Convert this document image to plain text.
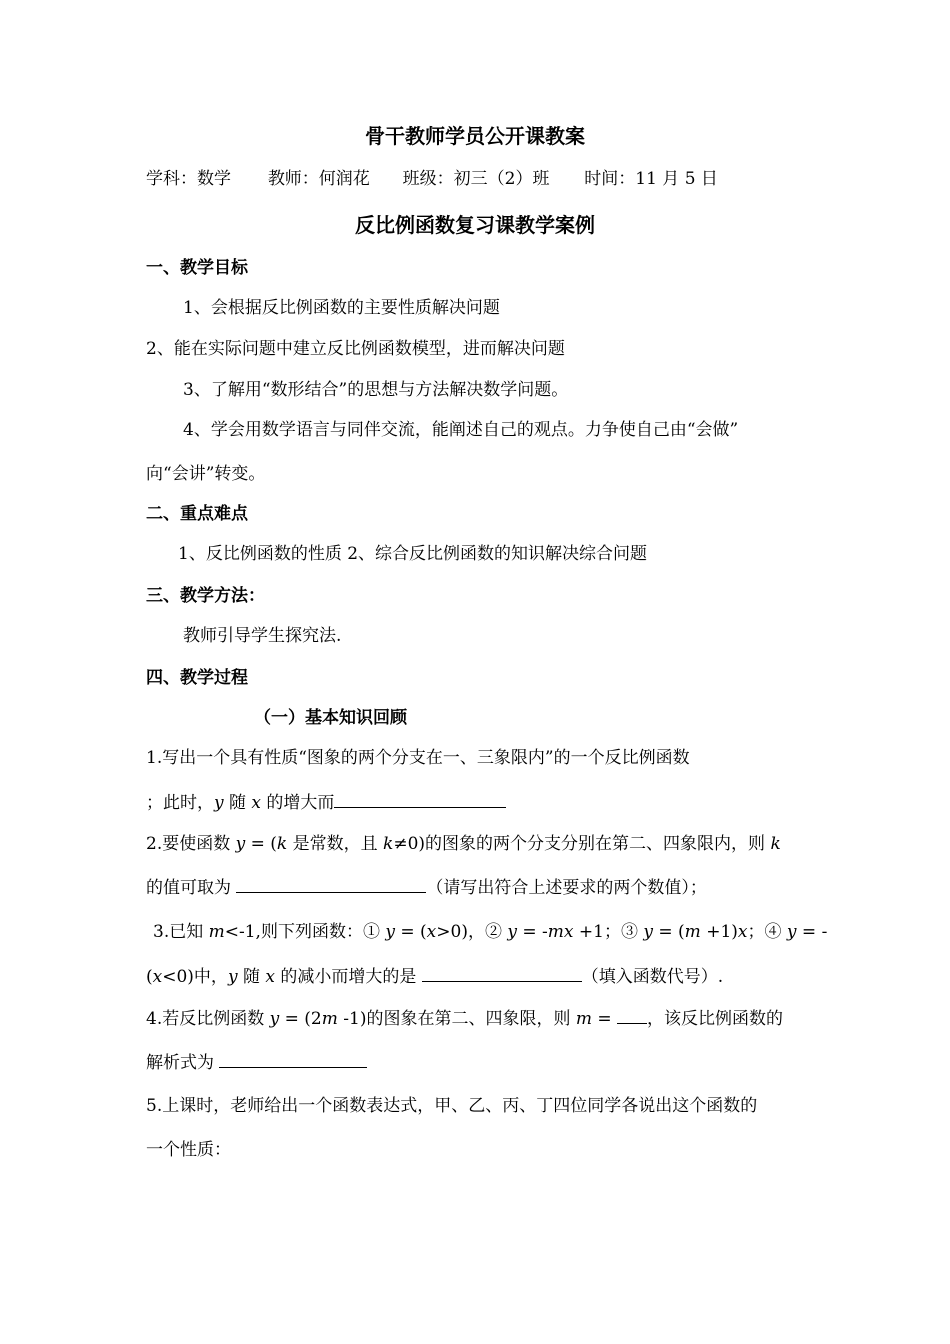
骨干教师学员公开课教案
学科：数学 教师：何润花 班级：初三（2）班 时间：11 月 5 日
反比例函数复习课教学案例
一、教学目标
1、会根据反比例函数的主要性质解决问题
2、能在实际问题中建立反比例函数模型，进而解决问题
3、了解用“数形结合”的思想与方法解决数学问题。
4、学会用数学语言与同伴交流，能阐述自己的观点。力争使自己由“会做”
向“会讲”转变。
二、重点难点
1、反比例函数的性质 2、综合反比例函数的知识解决综合问题
三、教学方法：
教师引导学生探究法.
四、教学过程
（一）基本知识回顾
1.写出一个具有性质“图象的两个分支在一、三象限内”的一个反比例函数
；此时，y 随 x 的增大而
2.要使函数 y = (k 是常数，且 k≠0)的图象的两个分支分别在第二、四象限内，则 k
的值可取为	（请写出符合上述要求的两个数值）；
3.已知 m<-1,则下列函数：① y = (x>0)，② y = -mx +1；③ y = (m +1)x；④ y = -
(x<0)中，y 随 x 的减小而增大的是	（填入函数代号）.
4.若反比例函数 y = (2m -1)的图象在第二、四象限，则 m = ，该反比例函数的
解析式为
5.上课时，老师给出一个函数表达式，甲、乙、丙、丁四位同学各说出这个函数的
一个性质：
